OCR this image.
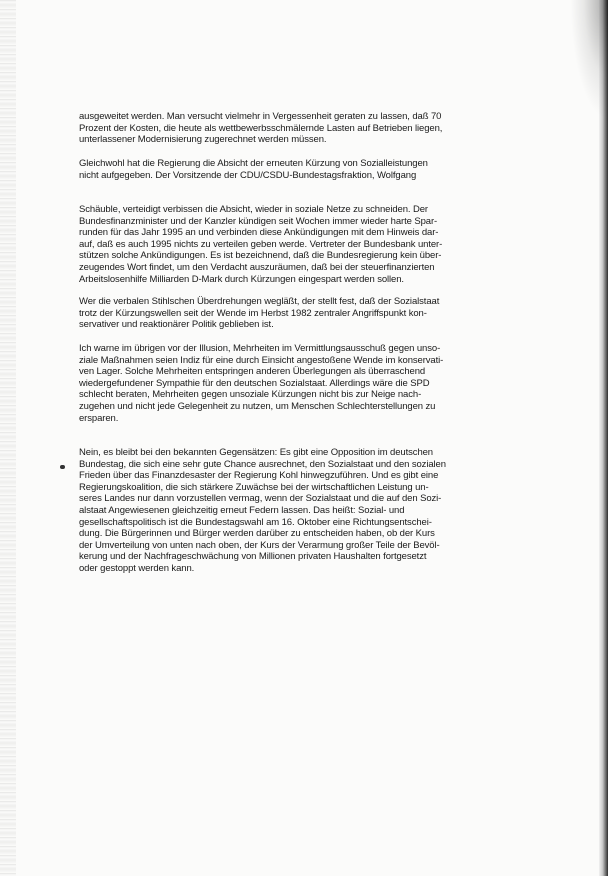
ausgeweitet werden. Man versucht vielmehr in Vergessenheit geraten zu lassen, daß 70
Prozent der Kosten, die heute als wettbewerbsschmälernde Lasten auf Betrieben liegen,
unterlassener Modernisierung zugerechnet werden müssen.

Gleichwohl hat die Regierung die Absicht der erneuten Kürzung von Sozialleistungen
nicht aufgegeben. Der Vorsitzende der CDU/CSDU-Bundestagsfraktion, Wolfgang

Schäuble, verteidigt verbissen die Absicht, wieder in soziale Netze zu schneiden. Der
Bundesfinanzminister und der Kanzler kündigen seit Wochen immer wieder harte Spar-
runden für das Jahr 1995 an und verbinden diese Ankündigungen mit dem Hinweis dar-
auf, daß es auch 1995 nichts zu verteilen geben werde. Vertreter der Bundesbank unter-
stützen solche Ankündigungen. Es ist bezeichnend, daß die Bundesregierung kein über-
zeugendes Wort findet, um den Verdacht auszuräumen, daß bei der steuerfinanzierten
Arbeitslosenhilfe Milliarden D-Mark durch Kürzungen eingespart werden sollen.

Wer die verbalen Stihlschen Überdrehungen wegläßt, der stellt fest, daß der Sozialstaat
trotz der Kürzungswellen seit der Wende im Herbst 1982 zentraler Angriffspunkt kon-
servativer und reaktionärer Politik geblieben ist.

Ich warne im übrigen vor der Illusion, Mehrheiten im Vermittlungsausschuß gegen unso-
ziale Maßnahmen seien Indiz für eine durch Einsicht angestoßene Wende im konservati-
ven Lager. Solche Mehrheiten entspringen anderen Überlegungen als überraschend
wiedergefundener Sympathie für den deutschen Sozialstaat. Allerdings wäre die SPD
schlecht beraten, Mehrheiten gegen unsoziale Kürzungen nicht bis zur Neige nach-
zugehen und nicht jede Gelegenheit zu nutzen, um Menschen Schlechterstellungen zu
ersparen.

Nein, es bleibt bei den bekannten Gegensätzen: Es gibt eine Opposition im deutschen
Bundestag, die sich eine sehr gute Chance ausrechnet, den Sozialstaat und den sozialen
Frieden über das Finanzdesaster der Regierung Kohl hinwegzuführen. Und es gibt eine
Regierungskoalition, die sich stärkere Zuwächse bei der wirtschaftlichen Leistung un-
seres Landes nur dann vorzustellen vermag, wenn der Sozialstaat und die auf den Sozi-
alstaat Angewiesenen gleichzeitig erneut Federn lassen. Das heißt: Sozial- und
gesellschaftspolitisch ist die Bundestagswahl am 16. Oktober eine Richtungsentschei-
dung. Die Bürgerinnen und Bürger werden darüber zu entscheiden haben, ob der Kurs
der Umverteilung von unten nach oben, der Kurs der Verarmung großer Teile der Bevöl-
kerung und der Nachfrageschwächung von Millionen privaten Haushalten fortgesetzt
oder gestoppt werden kann.
